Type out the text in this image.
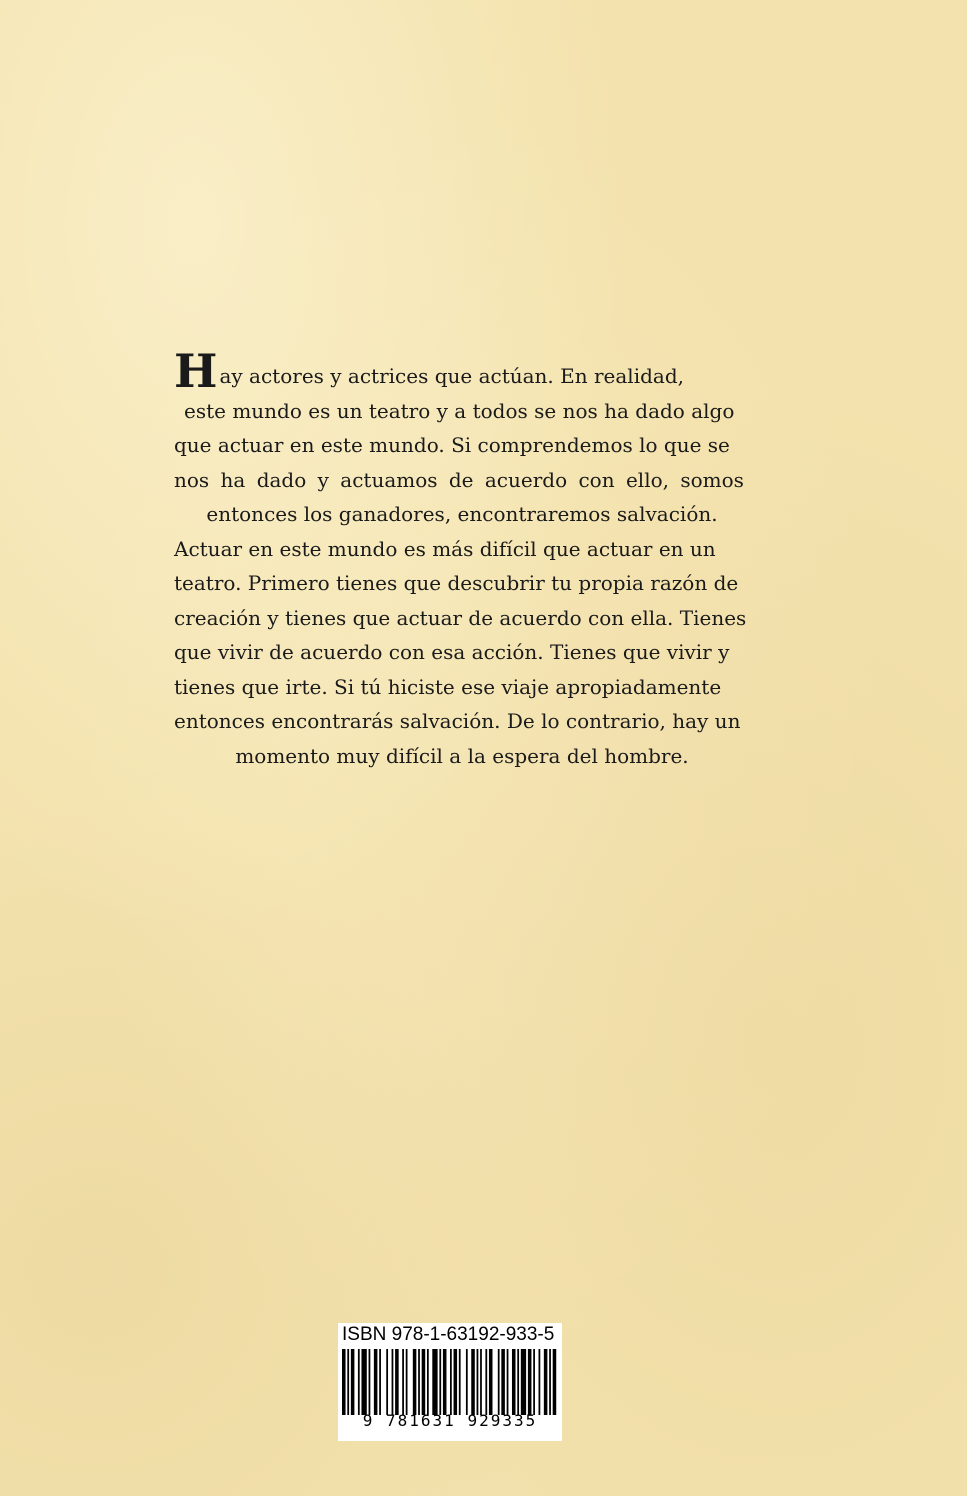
Hay actores y actrices que actúan. En realidad,
este mundo es un teatro y a todos se nos ha dado algo
que actuar en este mundo. Si comprendemos lo que se
nos ha dado y actuamos de acuerdo con ello, somos
entonces los ganadores, encontraremos salvación.
Actuar en este mundo es más difícil que actuar en un
teatro. Primero tienes que descubrir tu propia razón de
creación y tienes que actuar de acuerdo con ella. Tienes
que vivir de acuerdo con esa acción. Tienes que vivir y
tienes que irte. Si tú hiciste ese viaje apropiadamente
entonces encontrarás salvación. De lo contrario, hay un
momento muy difícil a la espera del hombre.
ISBN 978-1-63192-933-5
9 781631 929335
